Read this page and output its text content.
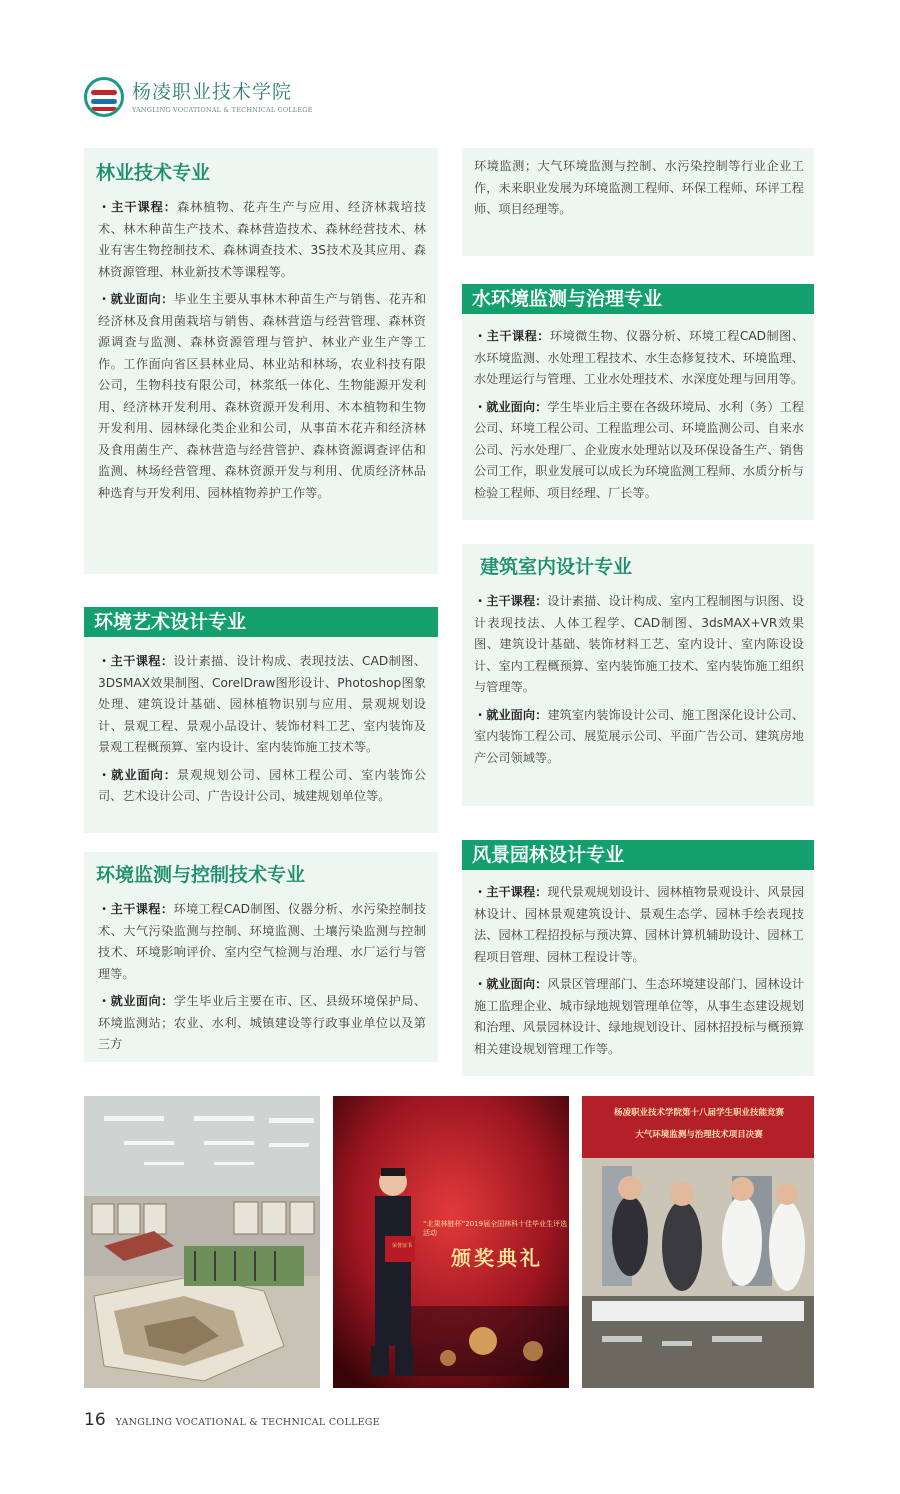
杨凌职业技术学院
YANGLING VOCATIONAL & TECHNICAL COLLEGE
林业技术专业
・主干课程：森林植物、花卉生产与应用、经济林栽培技术、林木种苗生产技术、森林营造技术、森林经营技术、林业有害生物控制技术、森林调查技术、3S技术及其应用、森林资源管理、林业新技术等课程等。
・就业面向：毕业生主要从事林木种苗生产与销售、花卉和经济林及食用菌栽培与销售、森林营造与经营管理、森林资源调查与监测、森林资源管理与管护、林业产业生产等工作。工作面向省区县林业局、林业站和林场，农业科技有限公司，生物科技有限公司，林浆纸一体化、生物能源开发利用、经济林开发利用、森林资源开发利用、木本植物和生物开发利用、园林绿化类企业和公司，从事苗木花卉和经济林及食用菌生产、森林营造与经营管护、森林资源调查评估和监测、林场经营管理、森林资源开发与利用、优质经济林品种选育与开发利用、园林植物养护工作等。
・主干课程：设计素描、设计构成、表现技法、CAD制图、3DSMAX效果制图、CorelDraw图形设计、Photoshop图象处理、建筑设计基础、园林植物识别与应用、景观规划设计、景观工程、景观小品设计、装饰材料工艺、室内装饰及景观工程概预算、室内设计、室内装饰施工技术等。
・就业面向：景观规划公司、园林工程公司、室内装饰公司、艺术设计公司、广告设计公司、城建规划单位等。
环境艺术设计专业
环境监测与控制技术专业
・主干课程：环境工程CAD制图、仪器分析、水污染控制技术、大气污染监测与控制、环境监测、土壤污染监测与控制技术、环境影响评价、室内空气检测与治理、水厂运行与管理等。
・就业面向：学生毕业后主要在市、区、县级环境保护局、环境监测站；农业、水利、城镇建设等行政事业单位以及第三方
环境监测；大气环境监测与控制、水污染控制等行业企业工作，未来职业发展为环境监测工程师、环保工程师、环评工程师、项目经理等。
・主干课程：环境微生物、仪器分析、环境工程CAD制图、水环境监测、水处理工程技术、水生态修复技术、环境监理、水处理运行与管理、工业水处理技术、水深度处理与回用等。
・就业面向：学生毕业后主要在各级环境局、水利（务）工程公司、环境工程公司、工程监理公司、环境监测公司、自来水公司、污水处理厂、企业废水处理站以及环保设备生产、销售公司工作，职业发展可以成长为环境监测工程师、水质分析与检验工程师、项目经理、厂长等。
水环境监测与治理专业
建筑室内设计专业
・主干课程：设计素描、设计构成、室内工程制图与识图、设计表现技法、人体工程学、CAD制图、3dsMAX+VR效果图、建筑设计基础、装饰材料工艺、室内设计、室内陈设设计、室内工程概预算、室内装饰施工技术、室内装饰施工组织与管理等。
・就业面向：建筑室内装饰设计公司、施工图深化设计公司、室内装饰工程公司、展览展示公司、平面广告公司、建筑房地产公司领域等。
・主干课程：现代景观规划设计、园林植物景观设计、风景园林设计、园林景观建筑设计、景观生态学、园林手绘表现技法、园林工程招投标与预决算、园林计算机辅助设计、园林工程项目管理、园林工程设计等。
・就业面向：风景区管理部门、生态环境建设部门、园林设计施工监理企业、城市绿地规划管理单位等，从事生态建设规划和治理、风景园林设计、绿地规划设计、园林招投标与概预算相关建设规划管理工作等。
风景园林设计专业
“北果林链杯”2019届全国林科十佳毕业生评选活动
颁奖典礼
荣誉证书
杨凌职业技术学院第十八届学生职业技能竞赛
大气环境监测与治理技术项目决赛
16 YANGLING VOCATIONAL & TECHNICAL COLLEGE
